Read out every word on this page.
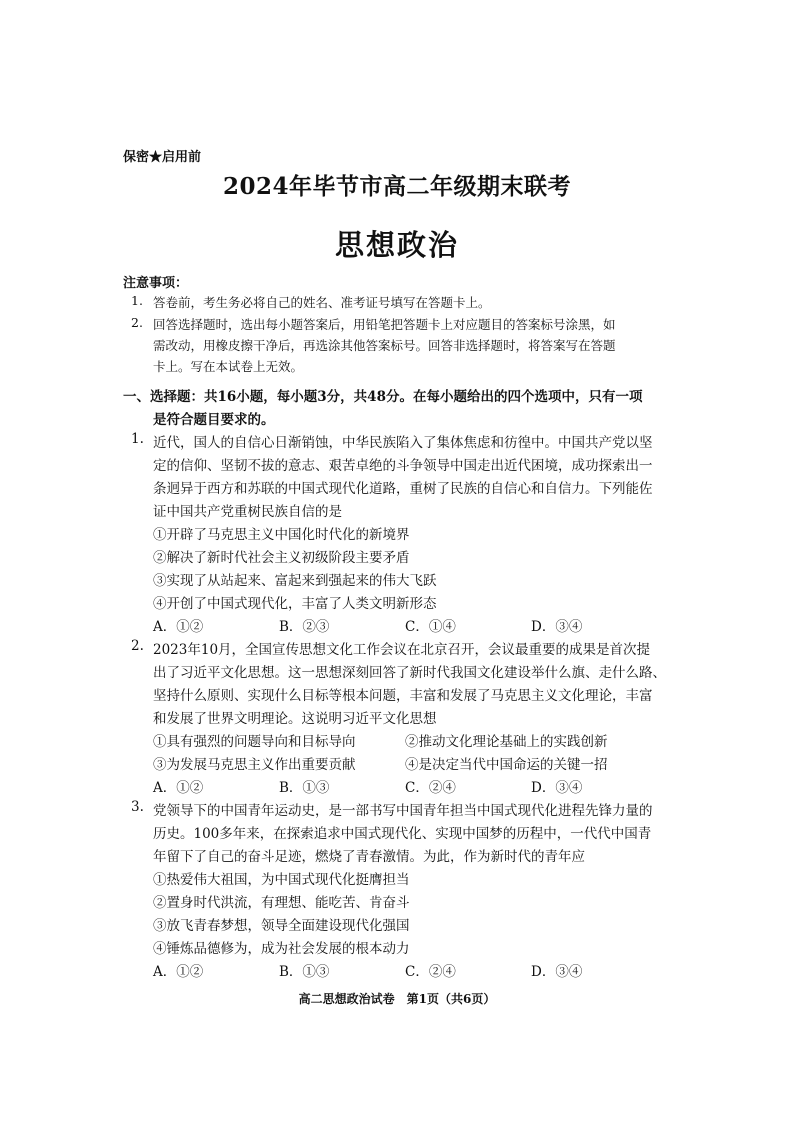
保密★启用前
2024年毕节市高二年级期末联考
思想政治
注意事项：
1. 答卷前，考生务必将自己的姓名、准考证号填写在答题卡上。
2. 回答选择题时，选出每小题答案后，用铅笔把答题卡上对应题目的答案标号涂黑，如
需改动，用橡皮擦干净后，再选涂其他答案标号。回答非选择题时，将答案写在答题
卡上。写在本试卷上无效。
一、选择题：共16小题，每小题3分，共48分。在每小题给出的四个选项中，只有一项
是符合题目要求的。
1. 近代，国人的自信心日渐销蚀，中华民族陷入了集体焦虑和彷徨中。中国共产党以坚
定的信仰、坚韧不拔的意志、艰苦卓绝的斗争领导中国走出近代困境，成功探索出一
条迥异于西方和苏联的中国式现代化道路，重树了民族的自信心和自信力。下列能佐
证中国共产党重树民族自信的是
①开辟了马克思主义中国化时代化的新境界
②解决了新时代社会主义初级阶段主要矛盾
③实现了从站起来、富起来到强起来的伟大飞跃
④开创了中国式现代化，丰富了人类文明新形态
A．①②	B．②③	C．①④	D．③④
2. 2023年10月，全国宣传思想文化工作会议在北京召开，会议最重要的成果是首次提
出了习近平文化思想。这一思想深刻回答了新时代我国文化建设举什么旗、走什么路、
坚持什么原则、实现什么目标等根本问题，丰富和发展了马克思主义文化理论，丰富
和发展了世界文明理论。这说明习近平文化思想
①具有强烈的问题导向和目标导向	②推动文化理论基础上的实践创新
③为发展马克思主义作出重要贡献	④是决定当代中国命运的关键一招
A．①②	B．①③	C．②④	D．③④
3. 党领导下的中国青年运动史，是一部书写中国青年担当中国式现代化进程先锋力量的
历史。100多年来，在探索追求中国式现代化、实现中国梦的历程中，一代代中国青
年留下了自己的奋斗足迹，燃烧了青春激情。为此，作为新时代的青年应
①热爱伟大祖国，为中国式现代化挺膺担当
②置身时代洪流，有理想、能吃苦、肯奋斗
③放飞青春梦想，领导全面建设现代化强国
④锤炼品德修为，成为社会发展的根本动力
A．①②	B．①③	C．②④	D．③④
高二思想政治试卷　第1页（共6页）
